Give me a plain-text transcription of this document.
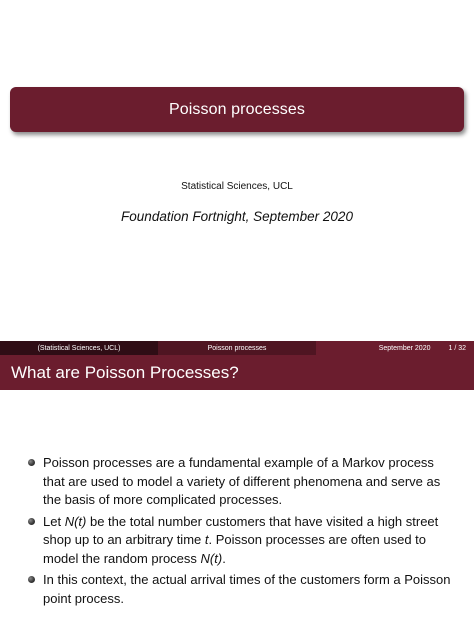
Poisson processes
Statistical Sciences, UCL
Foundation Fortnight, September 2020
(Statistical Sciences, UCL)	Poisson processes	September 2020	1 / 32
What are Poisson Processes?
Poisson processes are a fundamental example of a Markov process that are used to model a variety of different phenomena and serve as the basis of more complicated processes.
Let N(t) be the total number customers that have visited a high street shop up to an arbitrary time t. Poisson processes are often used to model the random process N(t).
In this context, the actual arrival times of the customers form a Poisson point process.
